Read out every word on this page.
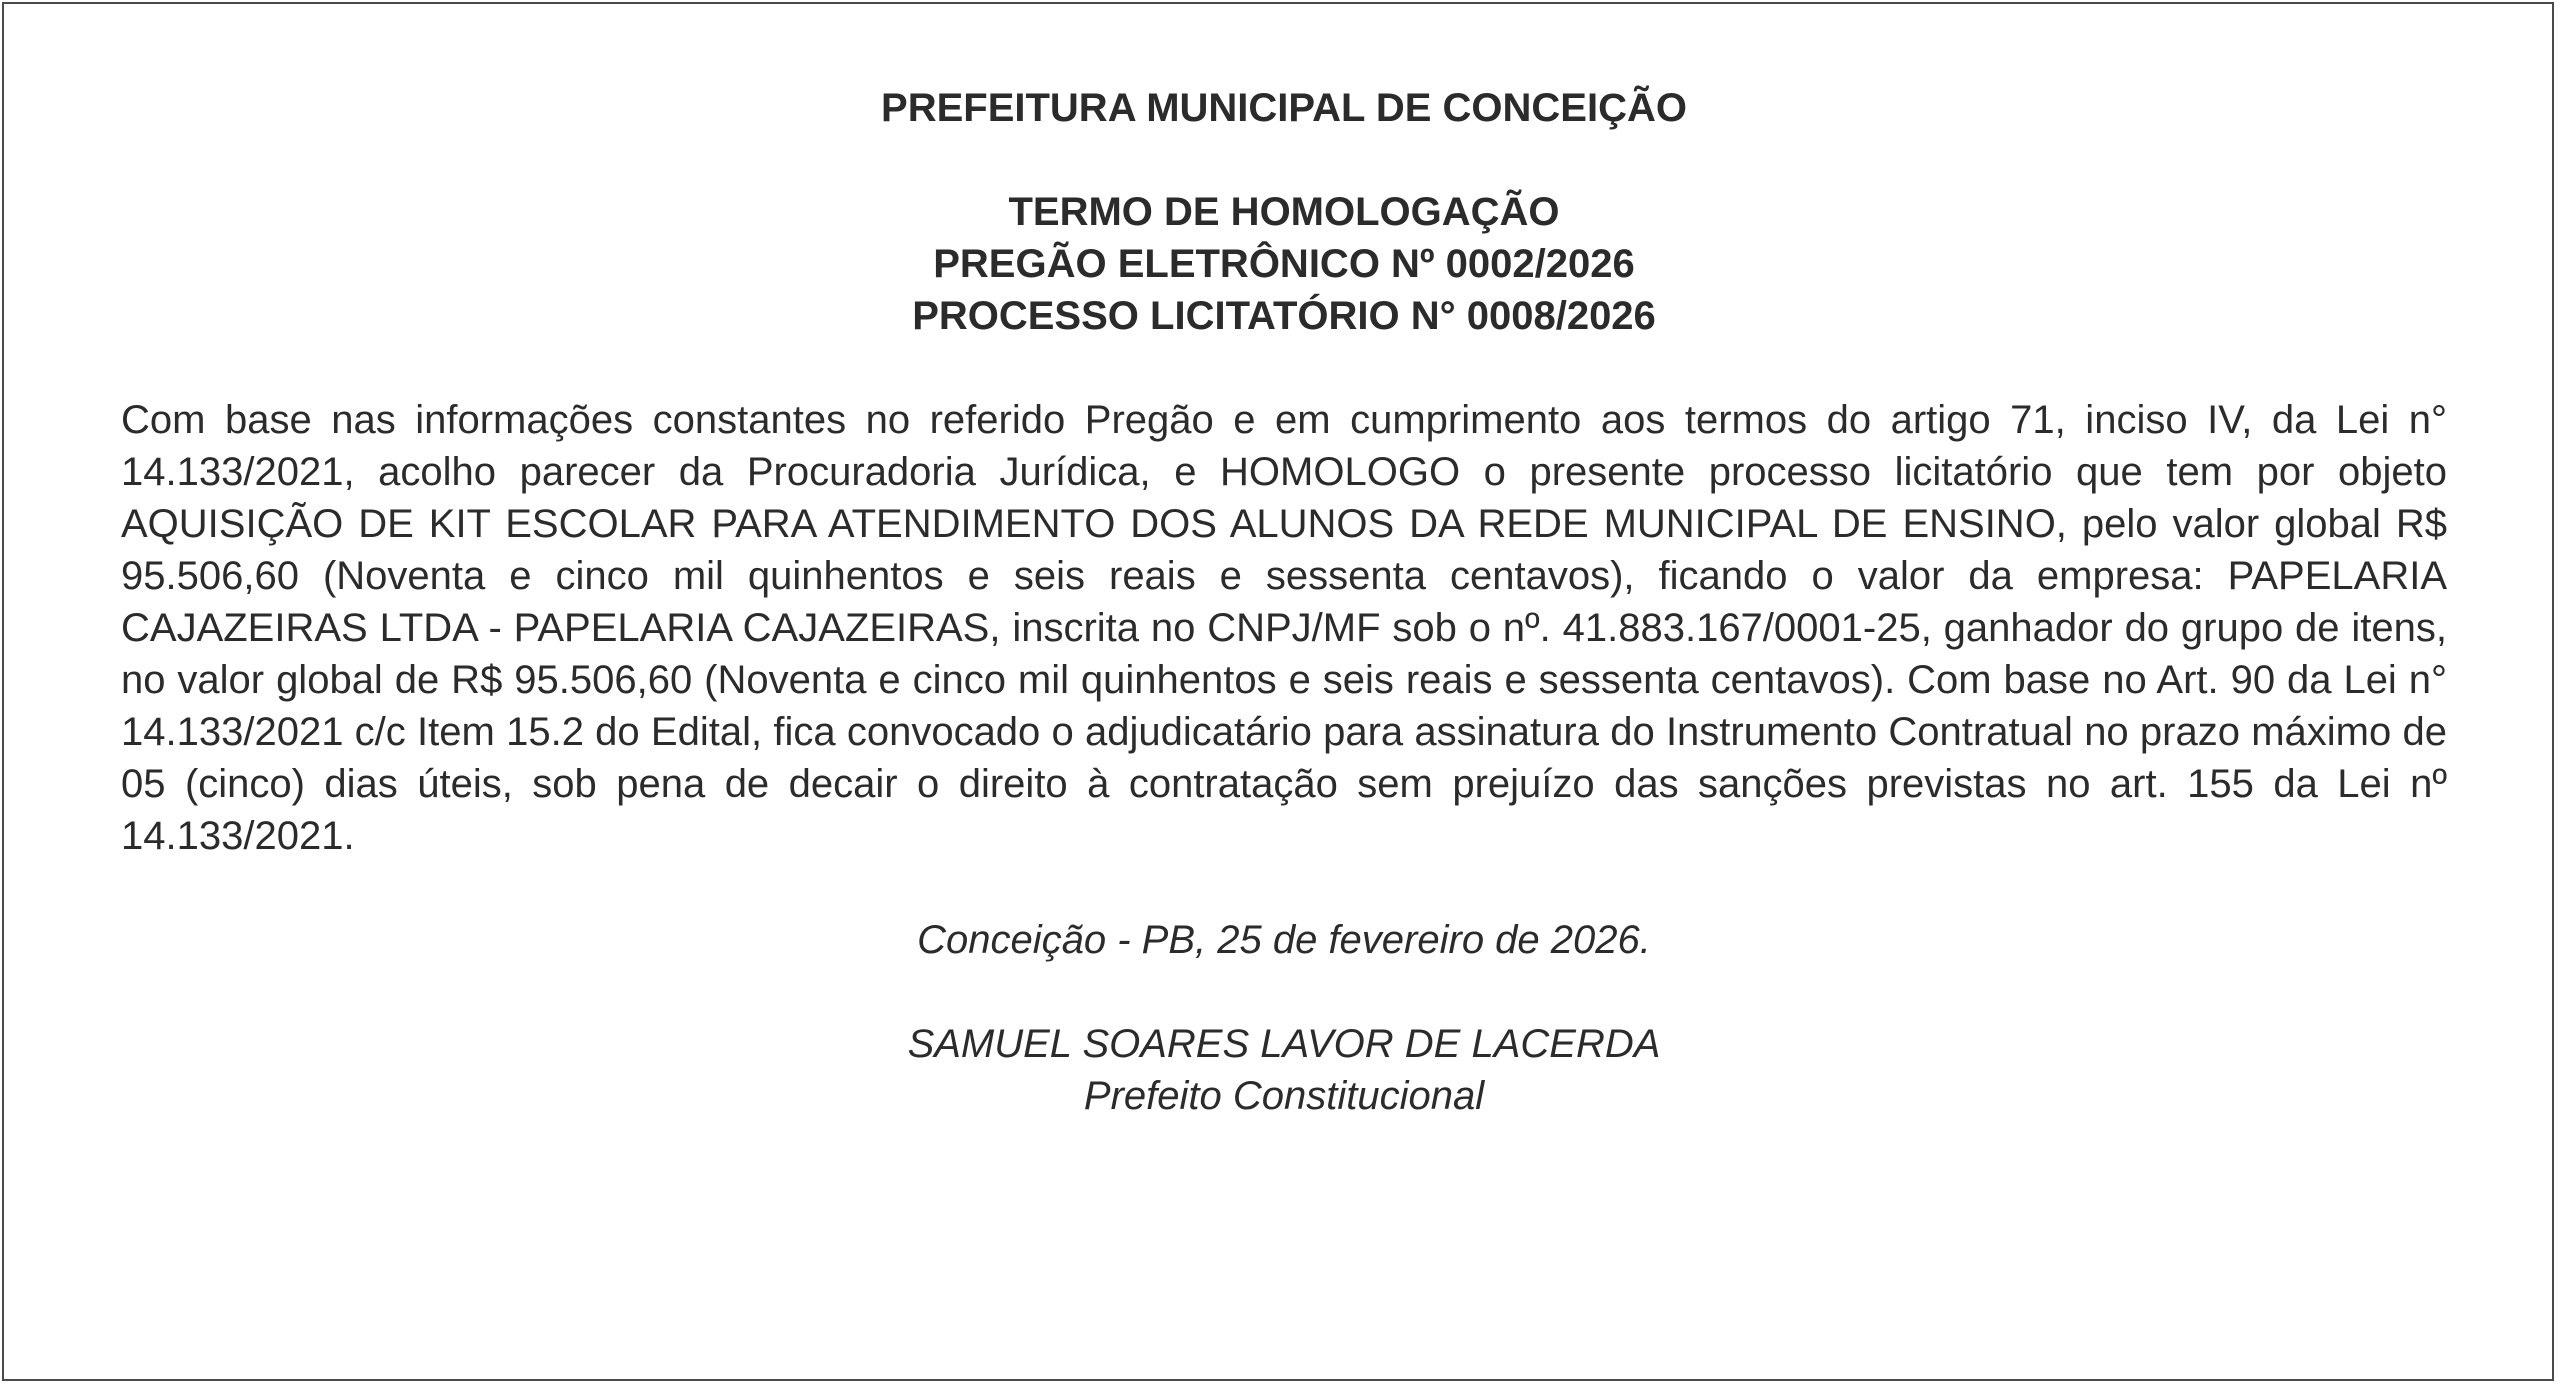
PREFEITURA MUNICIPAL DE CONCEIÇÃO
TERMO DE HOMOLOGAÇÃO
PREGÃO ELETRÔNICO Nº 0002/2026
PROCESSO LICITATÓRIO N° 0008/2026

Com base nas informações constantes no referido Pregão e em cumprimento aos termos do artigo 71, inciso IV, da Lei n° 14.133/2021, acolho parecer da Procuradoria Jurídica, e HOMOLOGO o presente processo licitatório que tem por objeto AQUISIÇÃO DE KIT ESCOLAR PARA ATENDIMENTO DOS ALUNOS DA REDE MUNICIPAL DE ENSINO, pelo valor global R$ 95.506,60 (Noventa e cinco mil quinhentos e seis reais e sessenta centavos), ficando o valor da empresa: PAPELARIA CAJAZEIRAS LTDA - PAPELARIA CAJAZEIRAS, inscrita no CNPJ/MF sob o nº. 41.883.167/0001-25, ganhador do grupo de itens, no valor global de R$ 95.506,60 (Noventa e cinco mil quinhentos e seis reais e sessenta centavos). Com base no Art. 90 da Lei n° 14.133/2021 c/c Item 15.2 do Edital, fica convocado o adjudicatário para assinatura do Instrumento Contratual no prazo máximo de 05 (cinco) dias úteis, sob pena de decair o direito à contratação sem prejuízo das sanções previstas no art. 155 da Lei nº 14.133/2021.

Conceição - PB, 25 de fevereiro de 2026.
SAMUEL SOARES LAVOR DE LACERDA
Prefeito Constitucional
